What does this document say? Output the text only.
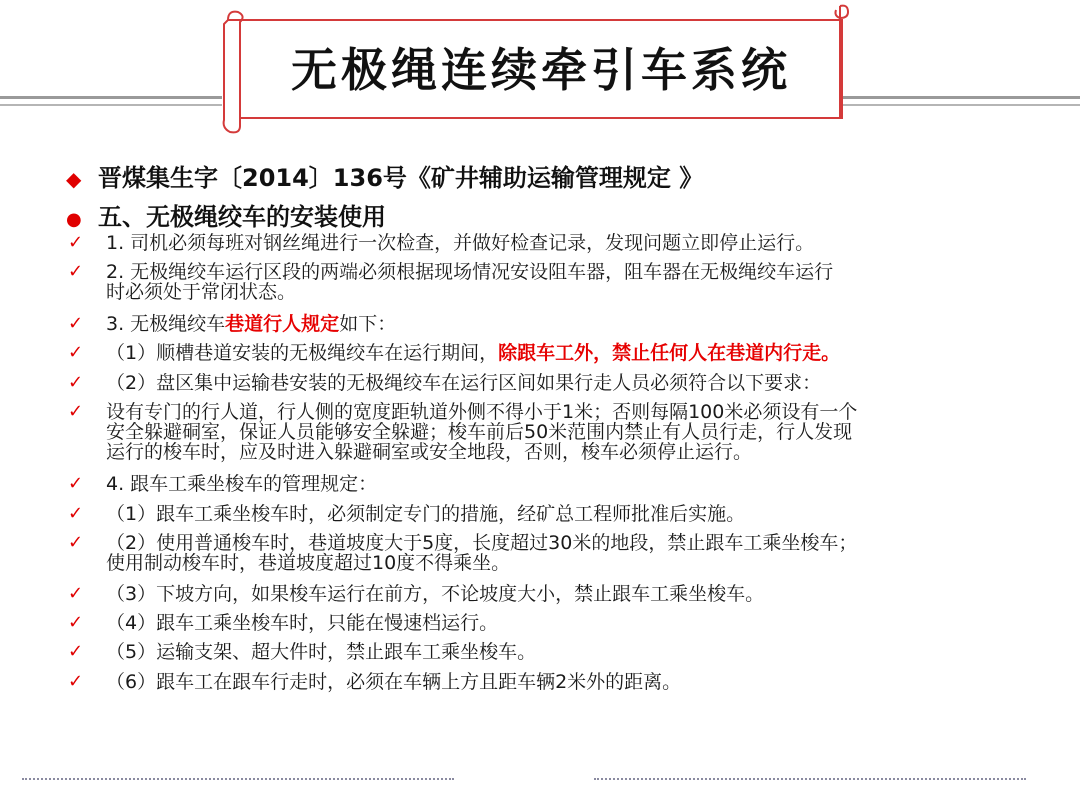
无极绳连续牵引车系统
◆ 晋煤集生字〔2014〕136号《矿井辅助运输管理规定 》
● 五、无极绳绞车的安装使用
✓	1. 司机必须每班对钢丝绳进行一次检查，并做好检查记录，发现问题立即停止运行。
✓	2. 无极绳绞车运行区段的两端必须根据现场情况安设阻车器，阻车器在无极绳绞车运行
时必须处于常闭状态。
✓	3. 无极绳绞车巷道行人规定如下：
✓	（1）顺槽巷道安装的无极绳绞车在运行期间，除跟车工外，禁止任何人在巷道内行走。
✓	（2）盘区集中运输巷安装的无极绳绞车在运行区间如果行走人员必须符合以下要求：
✓	设有专门的行人道，行人侧的宽度距轨道外侧不得小于1米；否则每隔100米必须设有一个
安全躲避硐室，保证人员能够安全躲避；梭车前后50米范围内禁止有人员行走，行人发现
运行的梭车时，应及时进入躲避硐室或安全地段，否则，梭车必须停止运行。
✓	4. 跟车工乘坐梭车的管理规定：
✓	（1）跟车工乘坐梭车时，必须制定专门的措施，经矿总工程师批准后实施。
✓	（2）使用普通梭车时，巷道坡度大于5度，长度超过30米的地段，禁止跟车工乘坐梭车；
使用制动梭车时，巷道坡度超过10度不得乘坐。
✓	（3）下坡方向，如果梭车运行在前方，不论坡度大小，禁止跟车工乘坐梭车。
✓	（4）跟车工乘坐梭车时，只能在慢速档运行。
✓	（5）运输支架、超大件时，禁止跟车工乘坐梭车。
✓	（6）跟车工在跟车行走时，必须在车辆上方且距车辆2米外的距离。
